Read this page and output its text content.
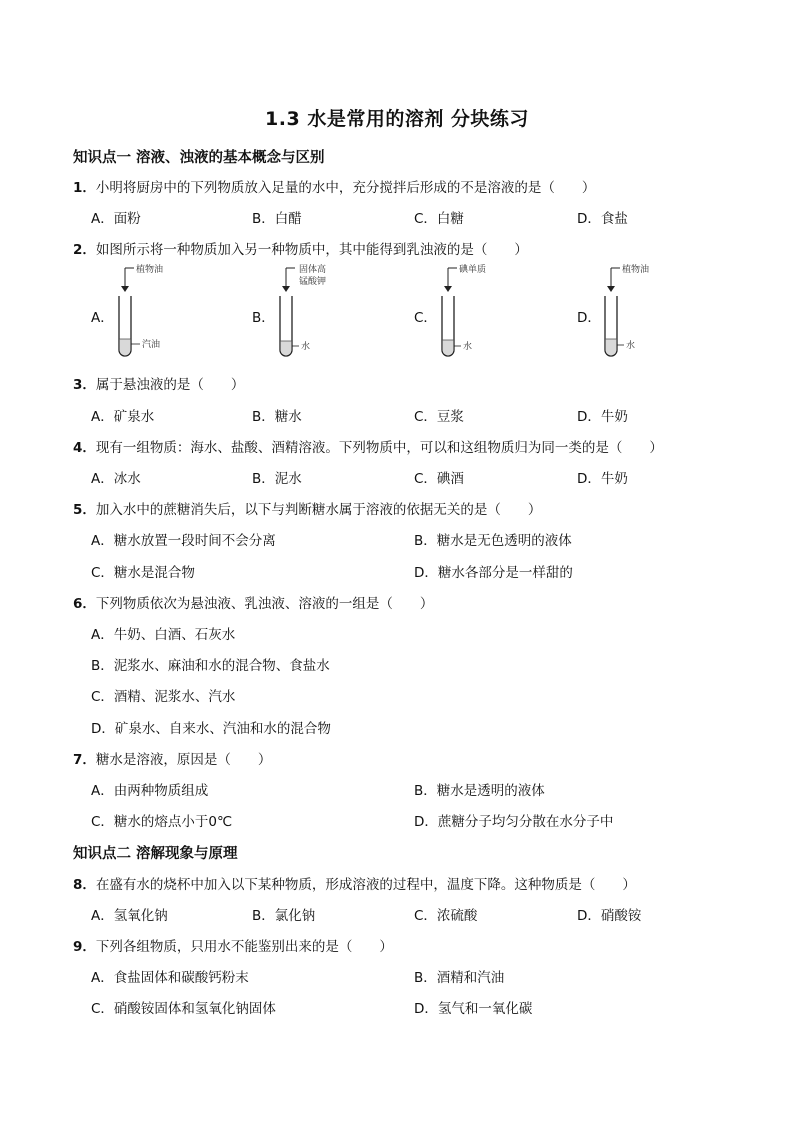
1.3 水是常用的溶剂 分块练习
知识点一 溶液、浊液的基本概念与区别
1．小明将厨房中的下列物质放入足量的水中，充分搅拌后形成的不是溶液的是（　　）
A．面粉	B．白醋	C．白糖	D．食盐
2．如图所示将一种物质加入另一种物质中，其中能得到乳浊液的是（　　）
A．
植物油
汽油
B．
固体高
锰酸钾
水
C．
碘单质
水
D．
植物油
水
3．属于悬浊液的是（　　）
A．矿泉水	B．糖水	C．豆浆	D．牛奶
4．现有一组物质：海水、盐酸、酒精溶液。下列物质中，可以和这组物质归为同一类的是（　　）
A．冰水	B．泥水	C．碘酒	D．牛奶
5．加入水中的蔗糖消失后，以下与判断糖水属于溶液的依据无关的是（　　）
A．糖水放置一段时间不会分离	B．糖水是无色透明的液体
C．糖水是混合物	D．糖水各部分是一样甜的
6．下列物质依次为悬浊液、乳浊液、溶液的一组是（　　）
A．牛奶、白酒、石灰水
B．泥浆水、麻油和水的混合物、食盐水
C．酒精、泥浆水、汽水
D．矿泉水、自来水、汽油和水的混合物
7．糖水是溶液，原因是（　　）
A．由两种物质组成	B．糖水是透明的液体
C．糖水的熔点小于0℃	D．蔗糖分子均匀分散在水分子中
知识点二 溶解现象与原理
8．在盛有水的烧杯中加入以下某种物质，形成溶液的过程中，温度下降。这种物质是（　　）
A．氢氧化钠	B．氯化钠	C．浓硫酸	D．硝酸铵
9．下列各组物质，只用水不能鉴别出来的是（　　）
A．食盐固体和碳酸钙粉末	B．酒精和汽油
C．硝酸铵固体和氢氧化钠固体	D．氢气和一氧化碳
